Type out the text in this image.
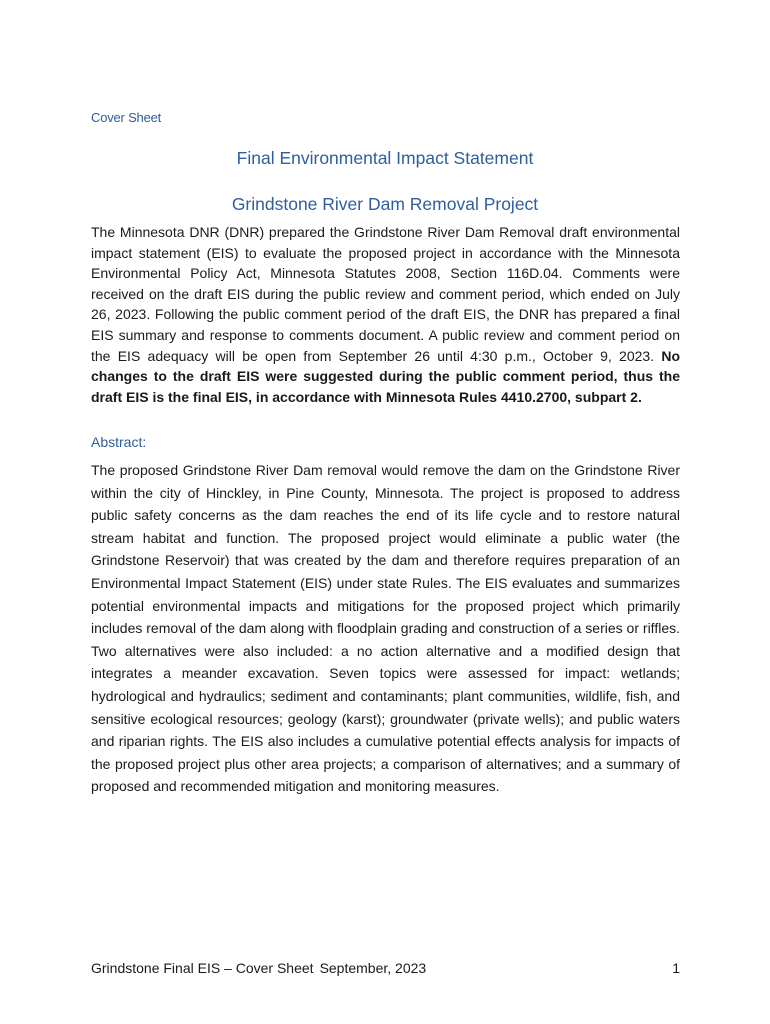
Cover Sheet
Final Environmental Impact Statement
Grindstone River Dam Removal Project

The Minnesota DNR (DNR) prepared the Grindstone River Dam Removal draft environmental impact statement (EIS) to evaluate the proposed project in accordance with the Minnesota Environmental Policy Act, Minnesota Statutes 2008, Section 116D.04. Comments were received on the draft EIS during the public review and comment period, which ended on July 26, 2023. Following the public comment period of the draft EIS, the DNR has prepared a final EIS summary and response to comments document. A public review and comment period on the EIS adequacy will be open from September 26 until 4:30 p.m., October 9, 2023. No changes to the draft EIS were suggested during the public comment period, thus the draft EIS is the final EIS, in accordance with Minnesota Rules 4410.2700, subpart 2.

Abstract:

The proposed Grindstone River Dam removal would remove the dam on the Grindstone River within the city of Hinckley, in Pine County, Minnesota. The project is proposed to address public safety concerns as the dam reaches the end of its life cycle and to restore natural stream habitat and function. The proposed project would eliminate a public water (the Grindstone Reservoir) that was created by the dam and therefore requires preparation of an Environmental Impact Statement (EIS) under state Rules. The EIS evaluates and summarizes potential environmental impacts and mitigations for the proposed project which primarily includes removal of the dam along with floodplain grading and construction of a series or riffles. Two alternatives were also included: a no action alternative and a modified design that integrates a meander excavation. Seven topics were assessed for impact: wetlands; hydrological and hydraulics; sediment and contaminants; plant communities, wildlife, fish, and sensitive ecological resources; geology (karst); groundwater (private wells); and public waters and riparian rights. The EIS also includes a cumulative potential effects analysis for impacts of the proposed project plus other area projects; a comparison of alternatives; and a summary of proposed and recommended mitigation and monitoring measures.

Grindstone Final EIS – Cover Sheet September, 2023	1
